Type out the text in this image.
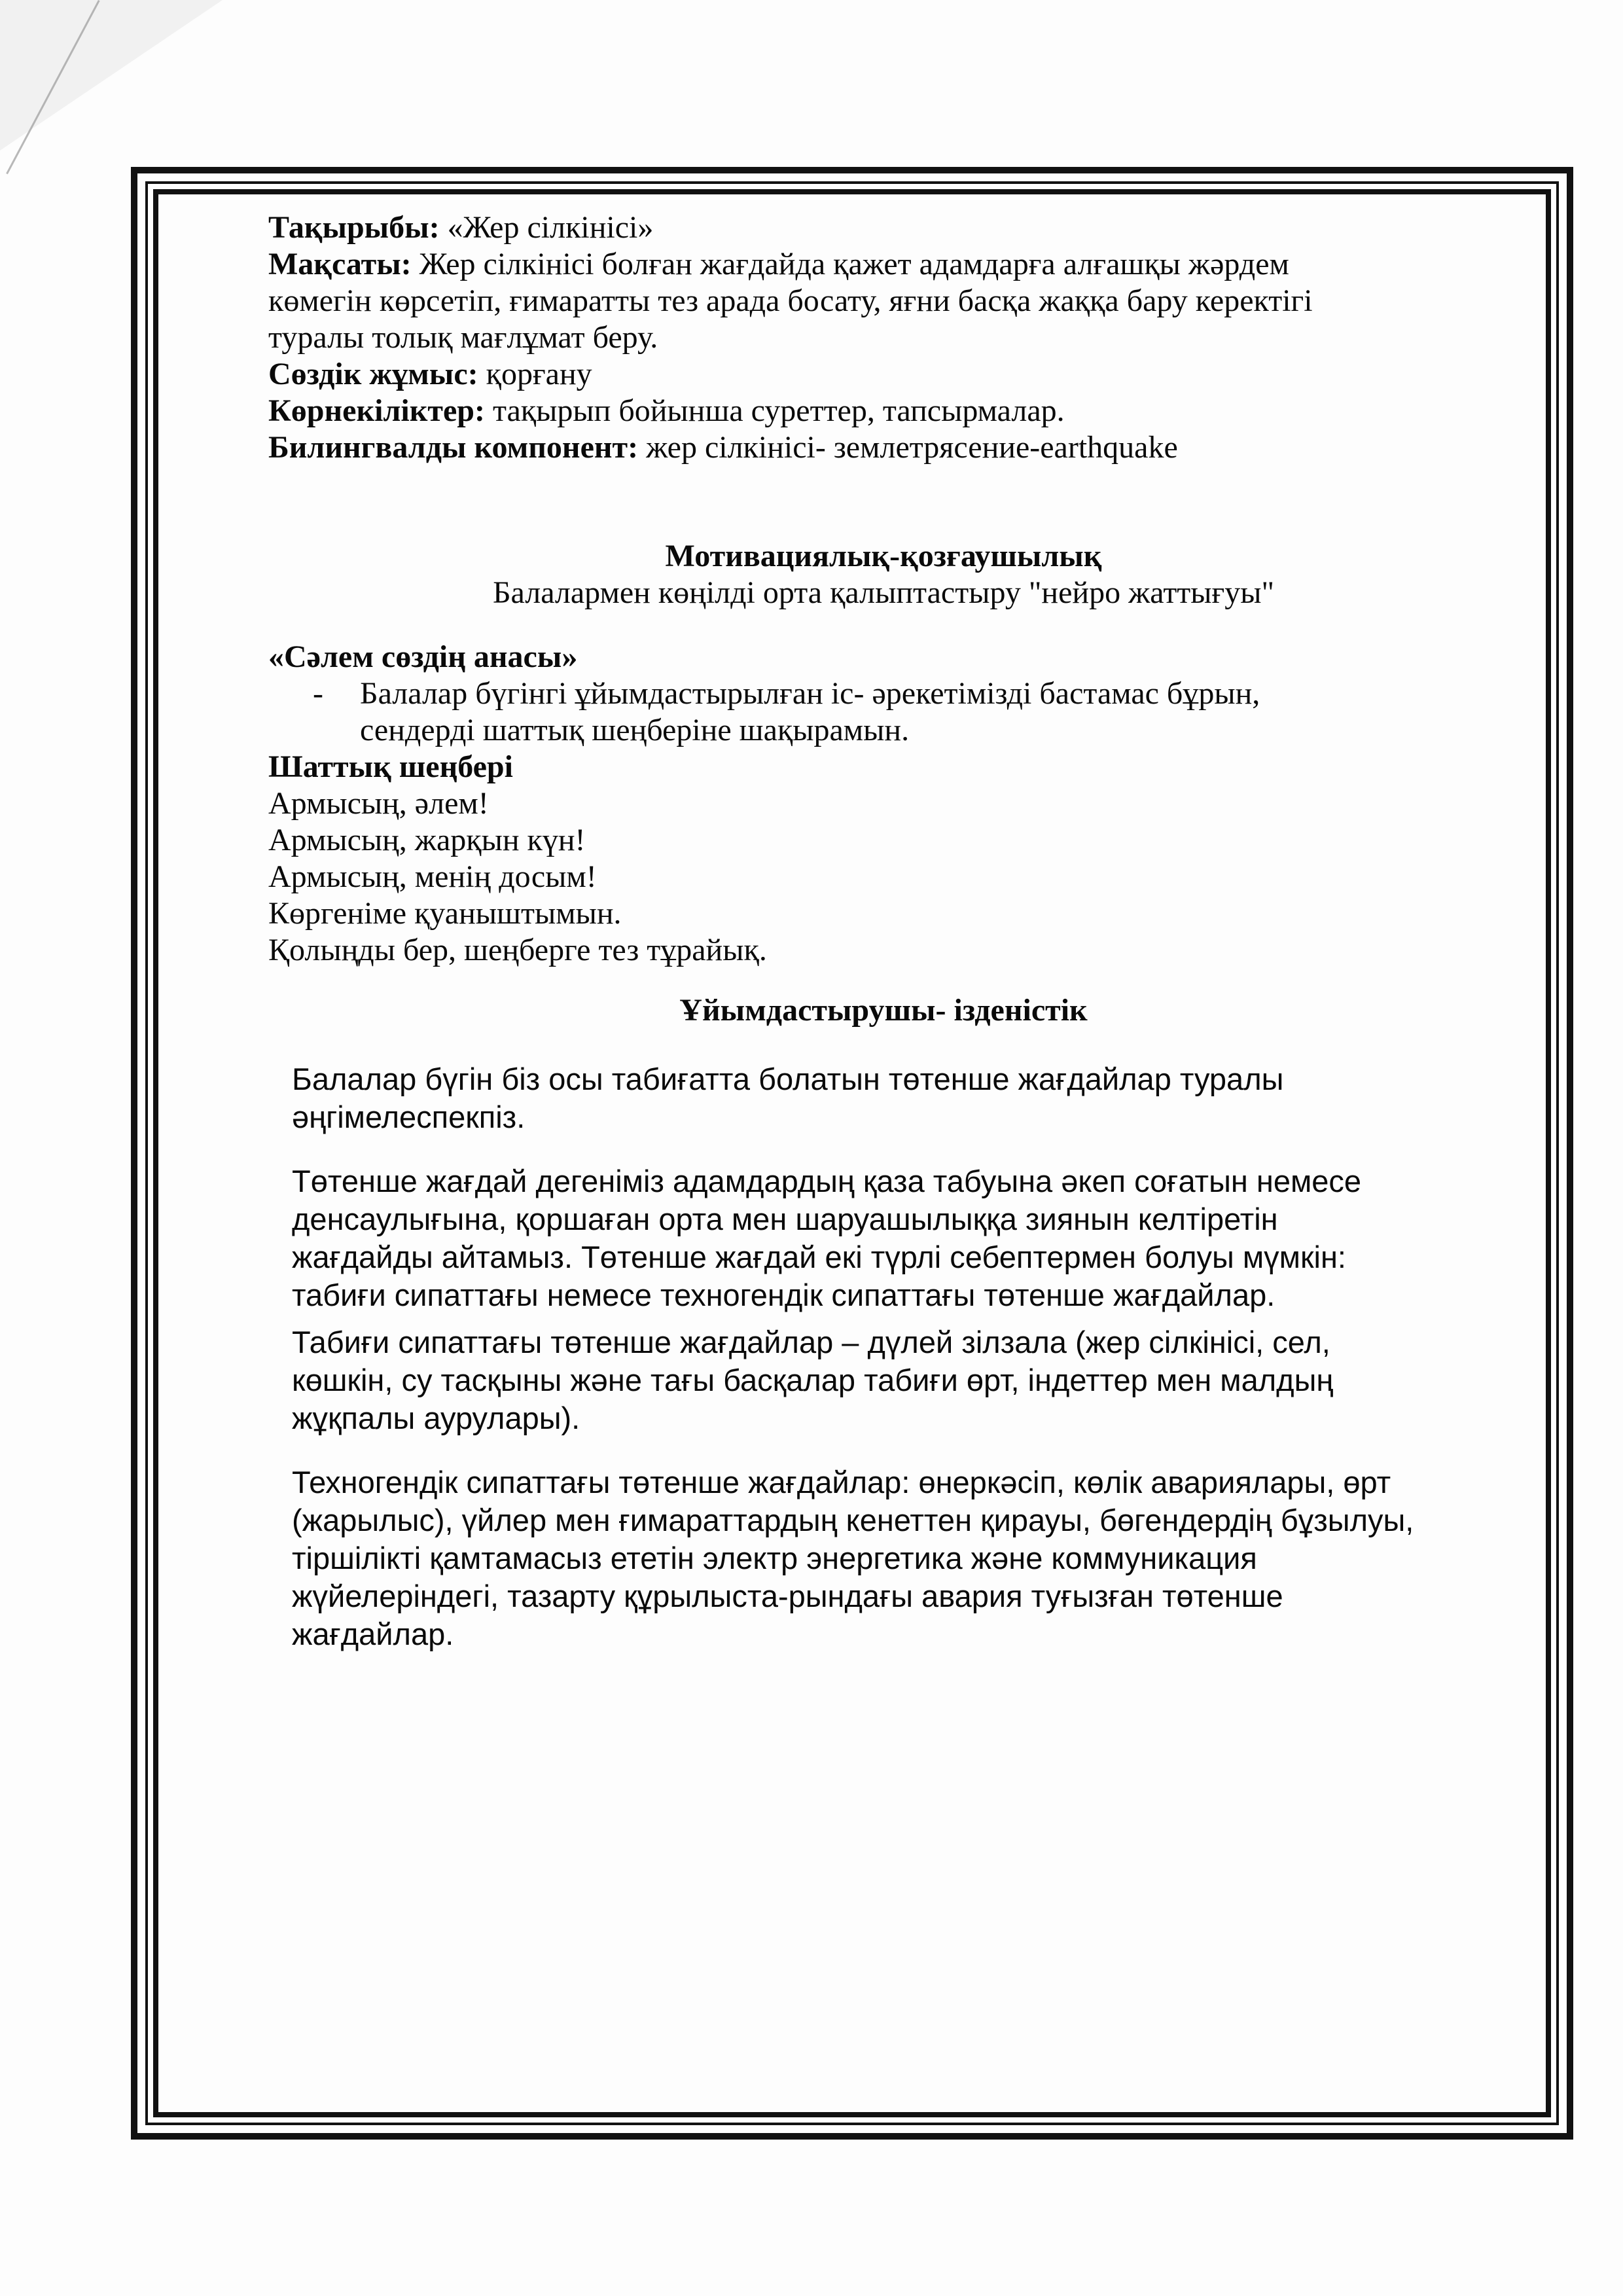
Тақырыбы: «Жер сілкінісі»
Мақсаты: Жер сілкінісі болған жағдайда қажет адамдарға алғашқы жәрдем
көмегін көрсетіп, ғимаратты тез арада босату, яғни басқа жаққа бару керектігі
туралы толық мағлұмат беру.
Сөздік жұмыс: қорғану
Көрнекіліктер: тақырып бойынша суреттер, тапсырмалар.
Билингвалды компонент: жер сілкінісі- землетрясение-earthquake
Мотивациялық-қозғаушылық
Балалармен көңілді орта қалыптастыру "нейро жаттығуы"
«Сәлем сөздің анасы»
- Балалар бүгінгі ұйымдастырылған іс- әрекетімізді бастамас бұрын,
сендерді шаттық шеңберіне шақырамын.
Шаттық шеңбері
Армысың, әлем!
Армысың, жарқын күн!
Армысың, менің досым!
Көргеніме қуаныштымын.
Қолыңды бер, шеңберге тез тұрайық.
Ұйымдастырушы- ізденістік
Балалар бүгін біз осы табиғатта болатын төтенше жағдайлар туралы
әңгімелеспекпіз.
Төтенше жағдай дегеніміз адамдардың қаза табуына әкеп соғатын немесе
денсаулығына, қоршаған орта мен шаруашылыққа зиянын келтіретін
жағдайды айтамыз. Төтенше жағдай екі түрлі себептермен болуы мүмкін:
табиғи сипаттағы немесе техногендік сипаттағы төтенше жағдайлар.
Табиғи сипаттағы төтенше жағдайлар – дүлей зілзала (жер сілкінісі, сел,
көшкін, су тасқыны және тағы басқалар табиғи өрт, індеттер мен малдың
жұқпалы аурулары).
Техногендік сипаттағы төтенше жағдайлар: өнеркәсіп, көлік авариялары, өрт
(жарылыс), үйлер мен ғимараттардың кенеттен қирауы, бөгендердің бұзылуы,
тіршілікті қамтамасыз ететін электр энергетика және коммуникация
жүйелеріндегі, тазарту құрылыста-рындағы авария туғызған төтенше
жағдайлар.
